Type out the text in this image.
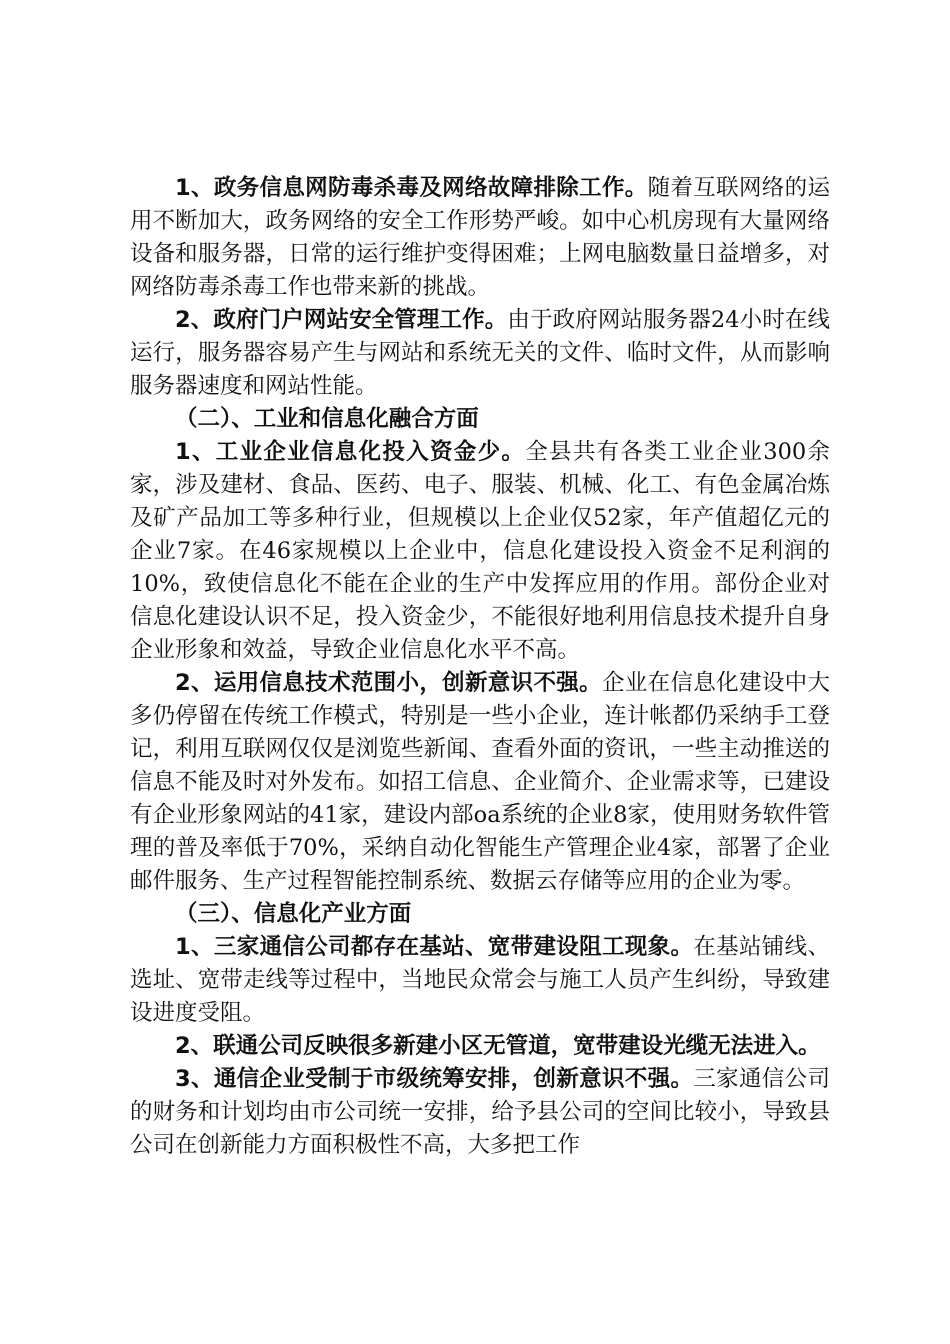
1、政务信息网防毒杀毒及网络故障排除工作。随着互联网络的运用不断加大，政务网络的安全工作形势严峻。如中心机房现有大量网络设备和服务器，日常的运行维护变得困难；上网电脑数量日益增多，对网络防毒杀毒工作也带来新的挑战。

2、政府门户网站安全管理工作。由于政府网站服务器24小时在线运行，服务器容易产生与网站和系统无关的文件、临时文件，从而影响服务器速度和网站性能。

（二）、工业和信息化融合方面

1、工业企业信息化投入资金少。全县共有各类工业企业300余家，涉及建材、食品、医药、电子、服装、机械、化工、有色金属冶炼及矿产品加工等多种行业，但规模以上企业仅52家，年产值超亿元的企业7家。在46家规模以上企业中，信息化建设投入资金不足利润的10%，致使信息化不能在企业的生产中发挥应用的作用。部份企业对信息化建设认识不足，投入资金少，不能很好地利用信息技术提升自身企业形象和效益，导致企业信息化水平不高。

2、运用信息技术范围小，创新意识不强。企业在信息化建设中大多仍停留在传统工作模式，特别是一些小企业，连计帐都仍采纳手工登记，利用互联网仅仅是浏览些新闻、查看外面的资讯，一些主动推送的信息不能及时对外发布。如招工信息、企业简介、企业需求等，已建设有企业形象网站的41家，建设内部oa系统的企业8家，使用财务软件管理的普及率低于70%，采纳自动化智能生产管理企业4家，部署了企业邮件服务、生产过程智能控制系统、数据云存储等应用的企业为零。

（三）、信息化产业方面

1、三家通信公司都存在基站、宽带建设阻工现象。在基站铺线、选址、宽带走线等过程中，当地民众常会与施工人员产生纠纷，导致建设进度受阻。

2、联通公司反映很多新建小区无管道，宽带建设光缆无法进入。

3、通信企业受制于市级统筹安排，创新意识不强。三家通信公司的财务和计划均由市公司统一安排，给予县公司的空间比较小，导致县公司在创新能力方面积极性不高，大多把工作
